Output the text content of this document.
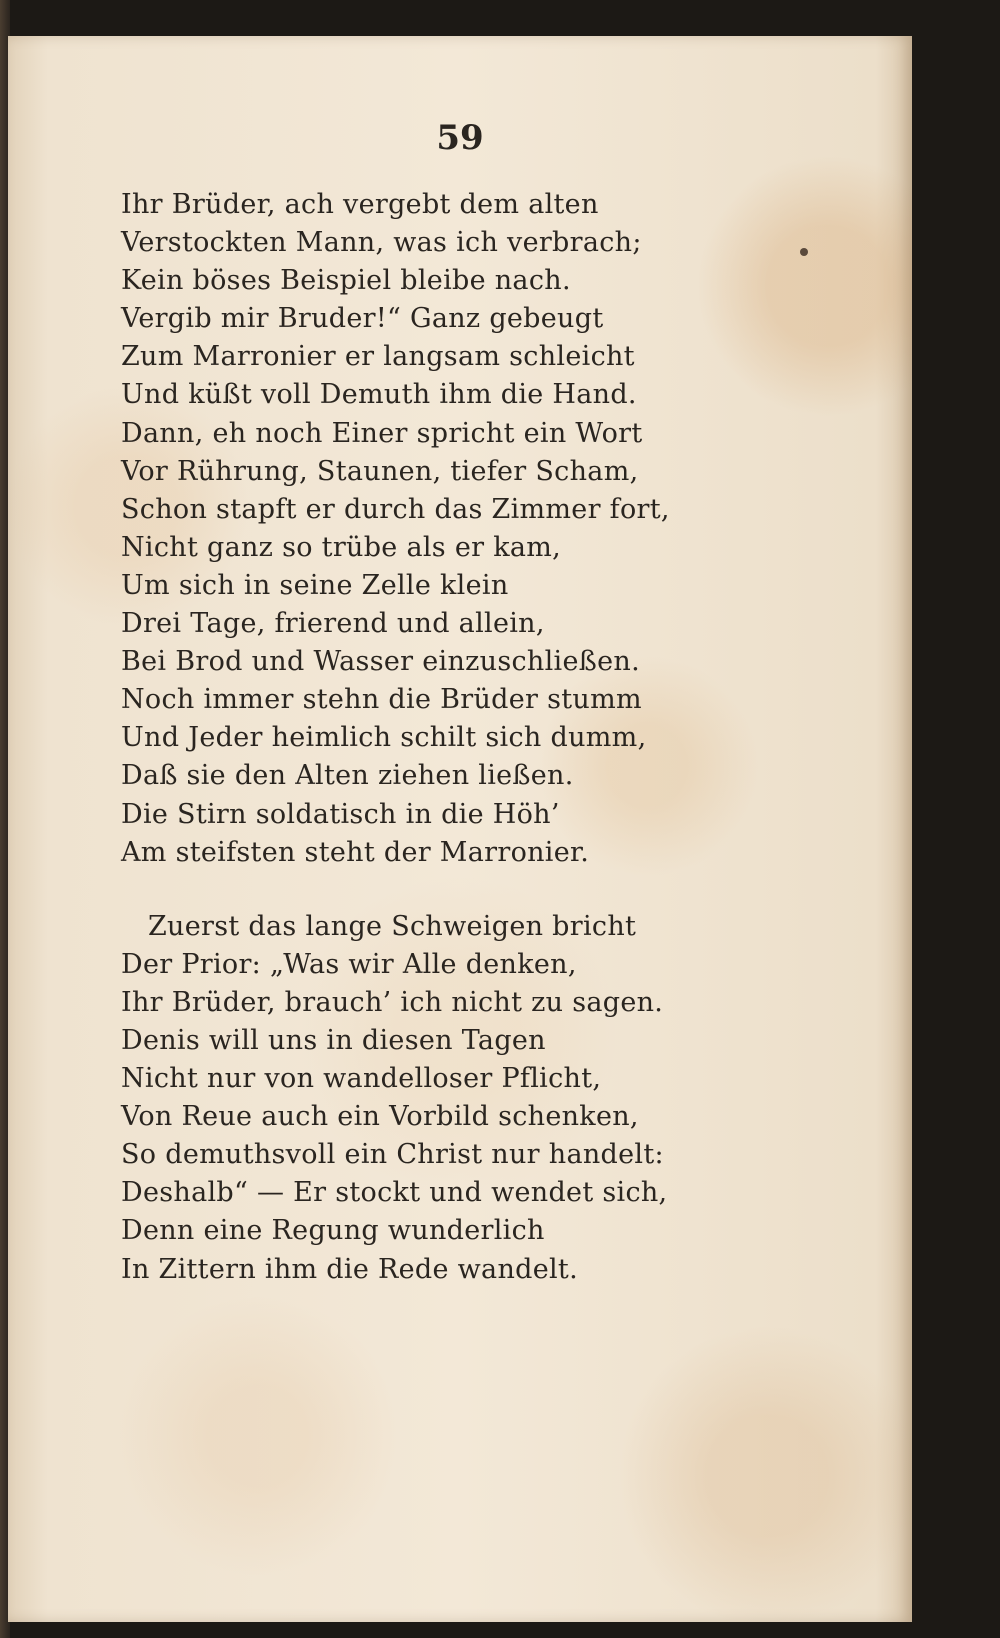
59
Ihr Brüder, ach vergebt dem alten
Verstockten Mann, was ich verbrach;
Kein böses Beispiel bleibe nach.
Vergib mir Bruder!“ Ganz gebeugt
Zum Marronier er langsam schleicht
Und küßt voll Demuth ihm die Hand.
Dann, eh noch Einer spricht ein Wort
Vor Rührung, Staunen, tiefer Scham,
Schon stapft er durch das Zimmer fort,
Nicht ganz so trübe als er kam,
Um sich in seine Zelle klein
Drei Tage, frierend und allein,
Bei Brod und Wasser einzuschließen.
Noch immer stehn die Brüder stumm
Und Jeder heimlich schilt sich dumm,
Daß sie den Alten ziehen ließen.
Die Stirn soldatisch in die Höh’
Am steifsten steht der Marronier.
Zuerst das lange Schweigen bricht
Der Prior: „Was wir Alle denken,
Ihr Brüder, brauch’ ich nicht zu sagen.
Denis will uns in diesen Tagen
Nicht nur von wandelloser Pflicht,
Von Reue auch ein Vorbild schenken,
So demuthsvoll ein Christ nur handelt:
Deshalb“ — Er stockt und wendet sich,
Denn eine Regung wunderlich
In Zittern ihm die Rede wandelt.
